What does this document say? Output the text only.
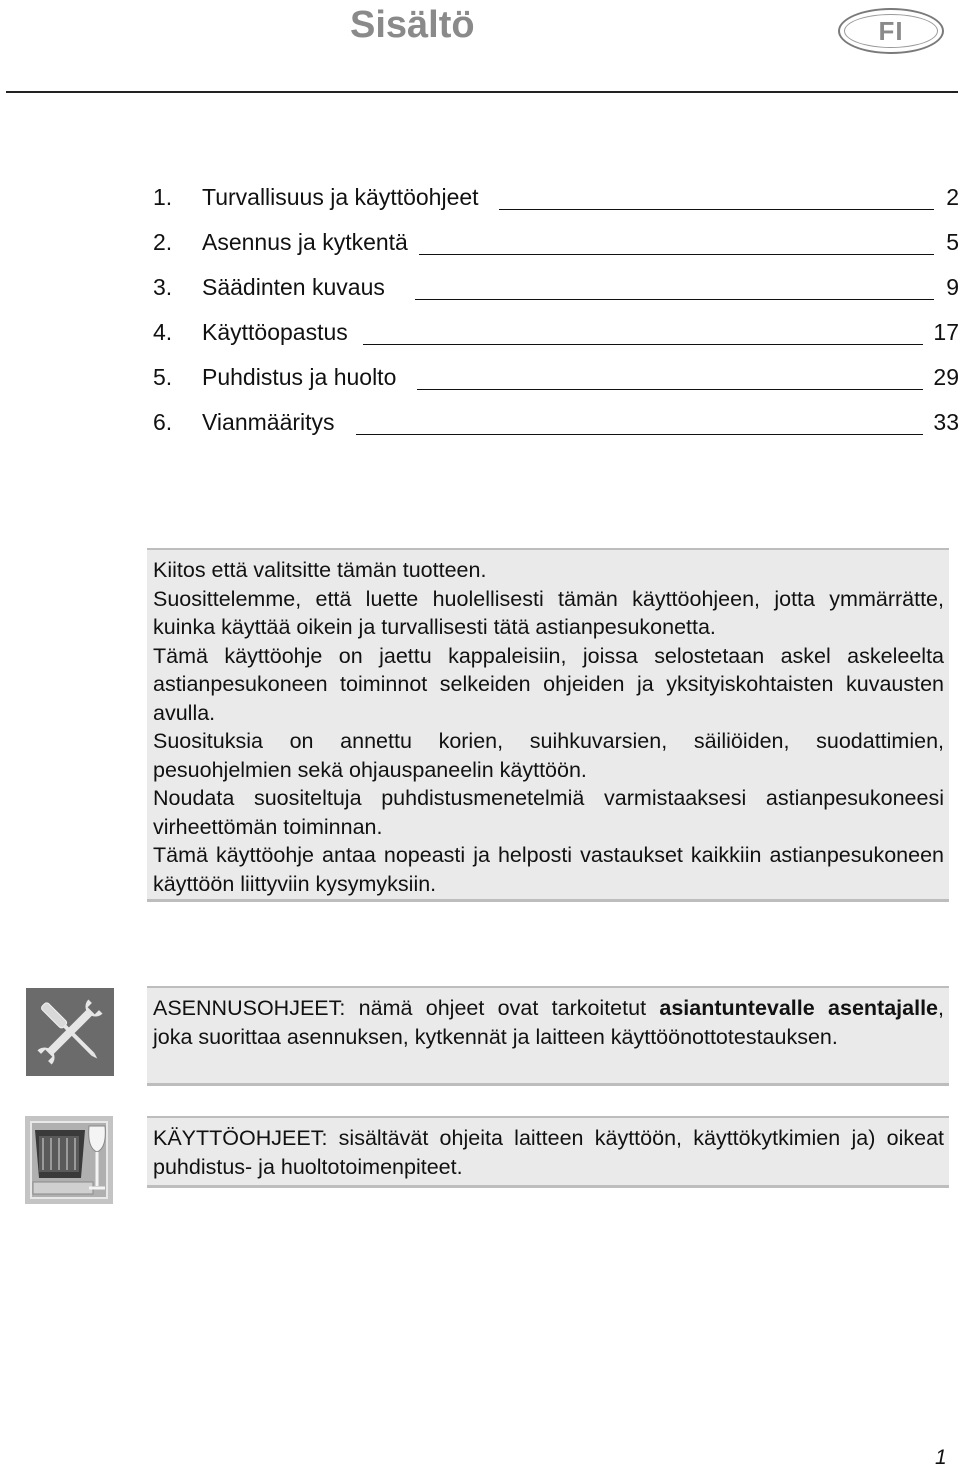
Sisältö	FI
1. Turvallisuus ja käyttöohjeet	2
2. Asennus ja kytkentä	5
3. Säädinten kuvaus	9
4. Käyttöopastus	17
5. Puhdistus ja huolto	29
6. Vianmääritys	33

Kiitos että valitsitte tämän tuotteen.

Suosittelemme, että luette huolellisesti tämän käyttöohjeen, jotta ymmärrätte, kuinka käyttää oikein ja turvallisesti tätä astianpesukonetta.

Tämä käyttöohje on jaettu kappaleisiin, joissa selostetaan askel askeleelta astianpesukoneen toiminnot selkeiden ohjeiden ja yksityiskohtaisten kuvausten avulla.

Suosituksia on annettu korien, suihkuvarsien, säiliöiden, suodattimien, pesuohjelmien sekä ohjauspaneelin käyttöön.

Noudata suositeltuja puhdistusmenetelmiä varmistaaksesi astianpesukoneesi virheettömän toiminnan.

Tämä käyttöohje antaa nopeasti ja helposti vastaukset kaikkiin astianpesukoneen käyttöön liittyviin kysymyksiin.

ASENNUSOHJEET: nämä ohjeet ovat tarkoitetut asiantuntevalle asentajalle, joka suorittaa asennuksen, kytkennät ja laitteen käyttöönottotestauksen.

KÄYTTÖOHJEET: sisältävät ohjeita laitteen käyttöön, käyttökytkimien ja) oikeat puhdistus- ja huoltotoimenpiteet.

1
